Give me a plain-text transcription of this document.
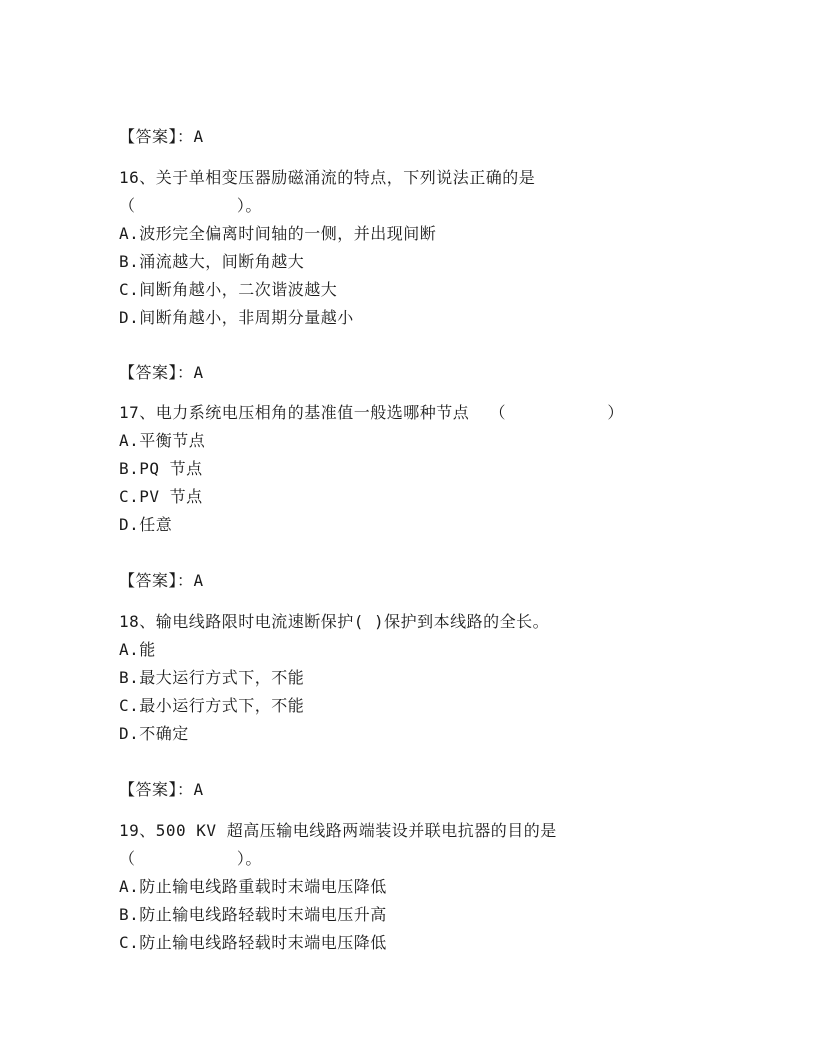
【答案】：A
16、关于单相变压器励磁涌流的特点，下列说法正确的是
（          ）。
A.波形完全偏离时间轴的一侧，并出现间断
B.涌流越大，间断角越大
C.间断角越小，二次谐波越大
D.间断角越小，非周期分量越小
【答案】：A
17、电力系统电压相角的基准值一般选哪种节点  （          ）
A.平衡节点
B.PQ 节点
C.PV 节点
D.任意
【答案】：A
18、输电线路限时电流速断保护( )保护到本线路的全长。
A.能
B.最大运行方式下，不能
C.最小运行方式下，不能
D.不确定
【答案】：A
19、500 KV 超高压输电线路两端装设并联电抗器的目的是
（          ）。
A.防止输电线路重载时末端电压降低
B.防止输电线路轻载时末端电压升高
C.防止输电线路轻载时末端电压降低
